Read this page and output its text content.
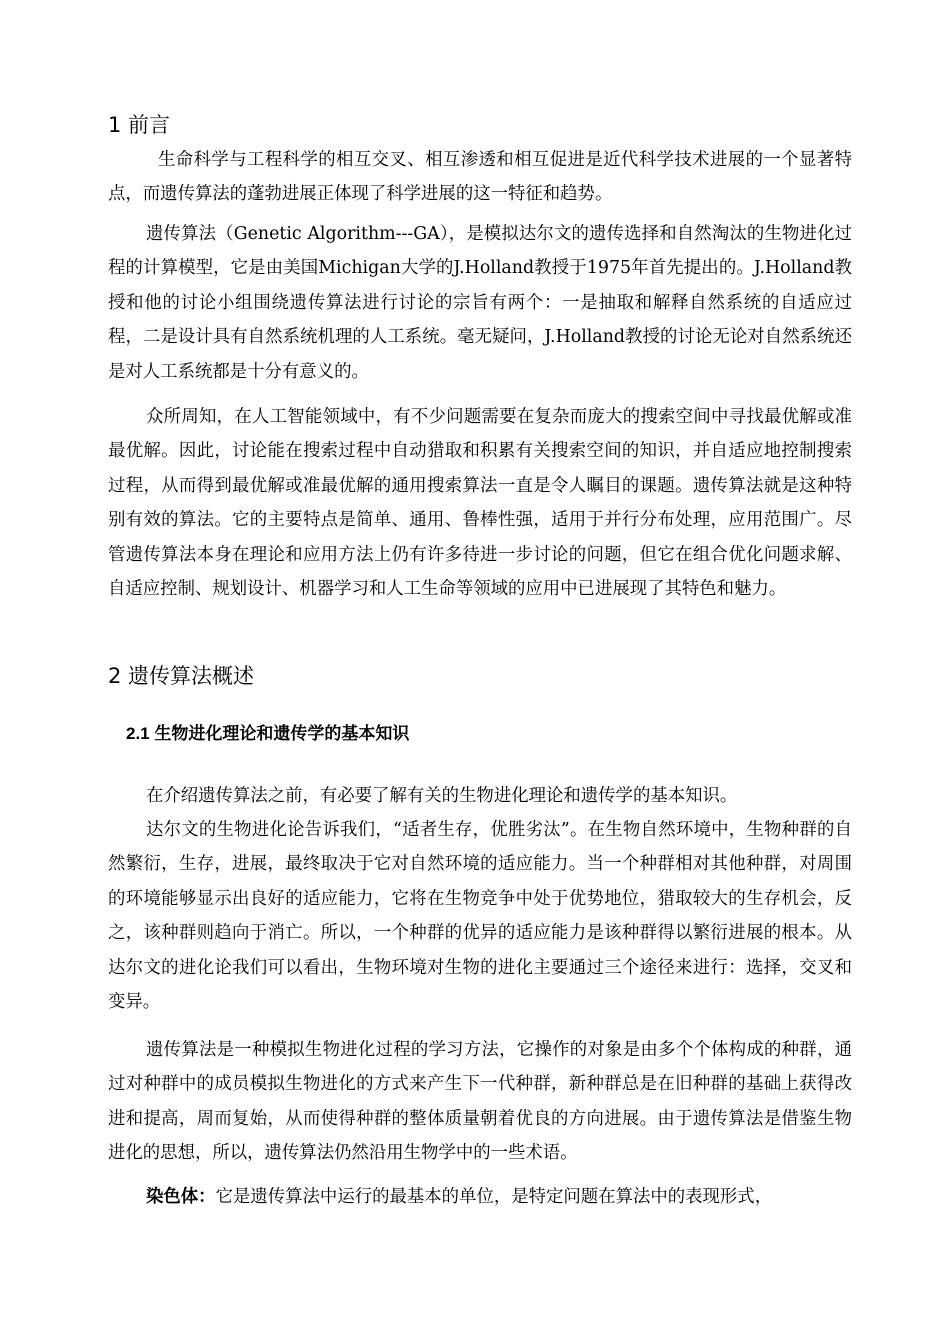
1 前言

生命科学与工程科学的相互交叉、相互渗透和相互促进是近代科学技术进展的一个显著特点，而遗传算法的蓬勃进展正体现了科学进展的这一特征和趋势。

遗传算法（Genetic Algorithm---GA），是模拟达尔文的遗传选择和自然淘汰的生物进化过程的计算模型，它是由美国Michigan大学的J.Holland教授于1975年首先提出的。J.Holland教授和他的讨论小组围绕遗传算法进行讨论的宗旨有两个：一是抽取和解释自然系统的自适应过程，二是设计具有自然系统机理的人工系统。毫无疑问，J.Holland教授的讨论无论对自然系统还是对人工系统都是十分有意义的。

众所周知，在人工智能领域中，有不少问题需要在复杂而庞大的搜索空间中寻找最优解或准最优解。因此，讨论能在搜索过程中自动猎取和积累有关搜索空间的知识，并自适应地控制搜索过程，从而得到最优解或准最优解的通用搜索算法一直是令人瞩目的课题。遗传算法就是这种特别有效的算法。它的主要特点是简单、通用、鲁棒性强，适用于并行分布处理，应用范围广。尽管遗传算法本身在理论和应用方法上仍有许多待进一步讨论的问题，但它在组合优化问题求解、自适应控制、规划设计、机器学习和人工生命等领域的应用中已进展现了其特色和魅力。

2 遗传算法概述
2.1 生物进化理论和遗传学的基本知识

在介绍遗传算法之前，有必要了解有关的生物进化理论和遗传学的基本知识。

达尔文的生物进化论告诉我们，“适者生存，优胜劣汰”。在生物自然环境中，生物种群的自然繁衍，生存，进展，最终取决于它对自然环境的适应能力。当一个种群相对其他种群，对周围的环境能够显示出良好的适应能力，它将在生物竞争中处于优势地位，猎取较大的生存机会，反之，该种群则趋向于消亡。所以，一个种群的优异的适应能力是该种群得以繁衍进展的根本。从达尔文的进化论我们可以看出，生物环境对生物的进化主要通过三个途径来进行：选择，交叉和变异。

遗传算法是一种模拟生物进化过程的学习方法，它操作的对象是由多个个体构成的种群，通过对种群中的成员模拟生物进化的方式来产生下一代种群，新种群总是在旧种群的基础上获得改进和提高，周而复始，从而使得种群的整体质量朝着优良的方向进展。由于遗传算法是借鉴生物进化的思想，所以，遗传算法仍然沿用生物学中的一些术语。

染色体：它是遗传算法中运行的最基本的单位，是特定问题在算法中的表现形式，
